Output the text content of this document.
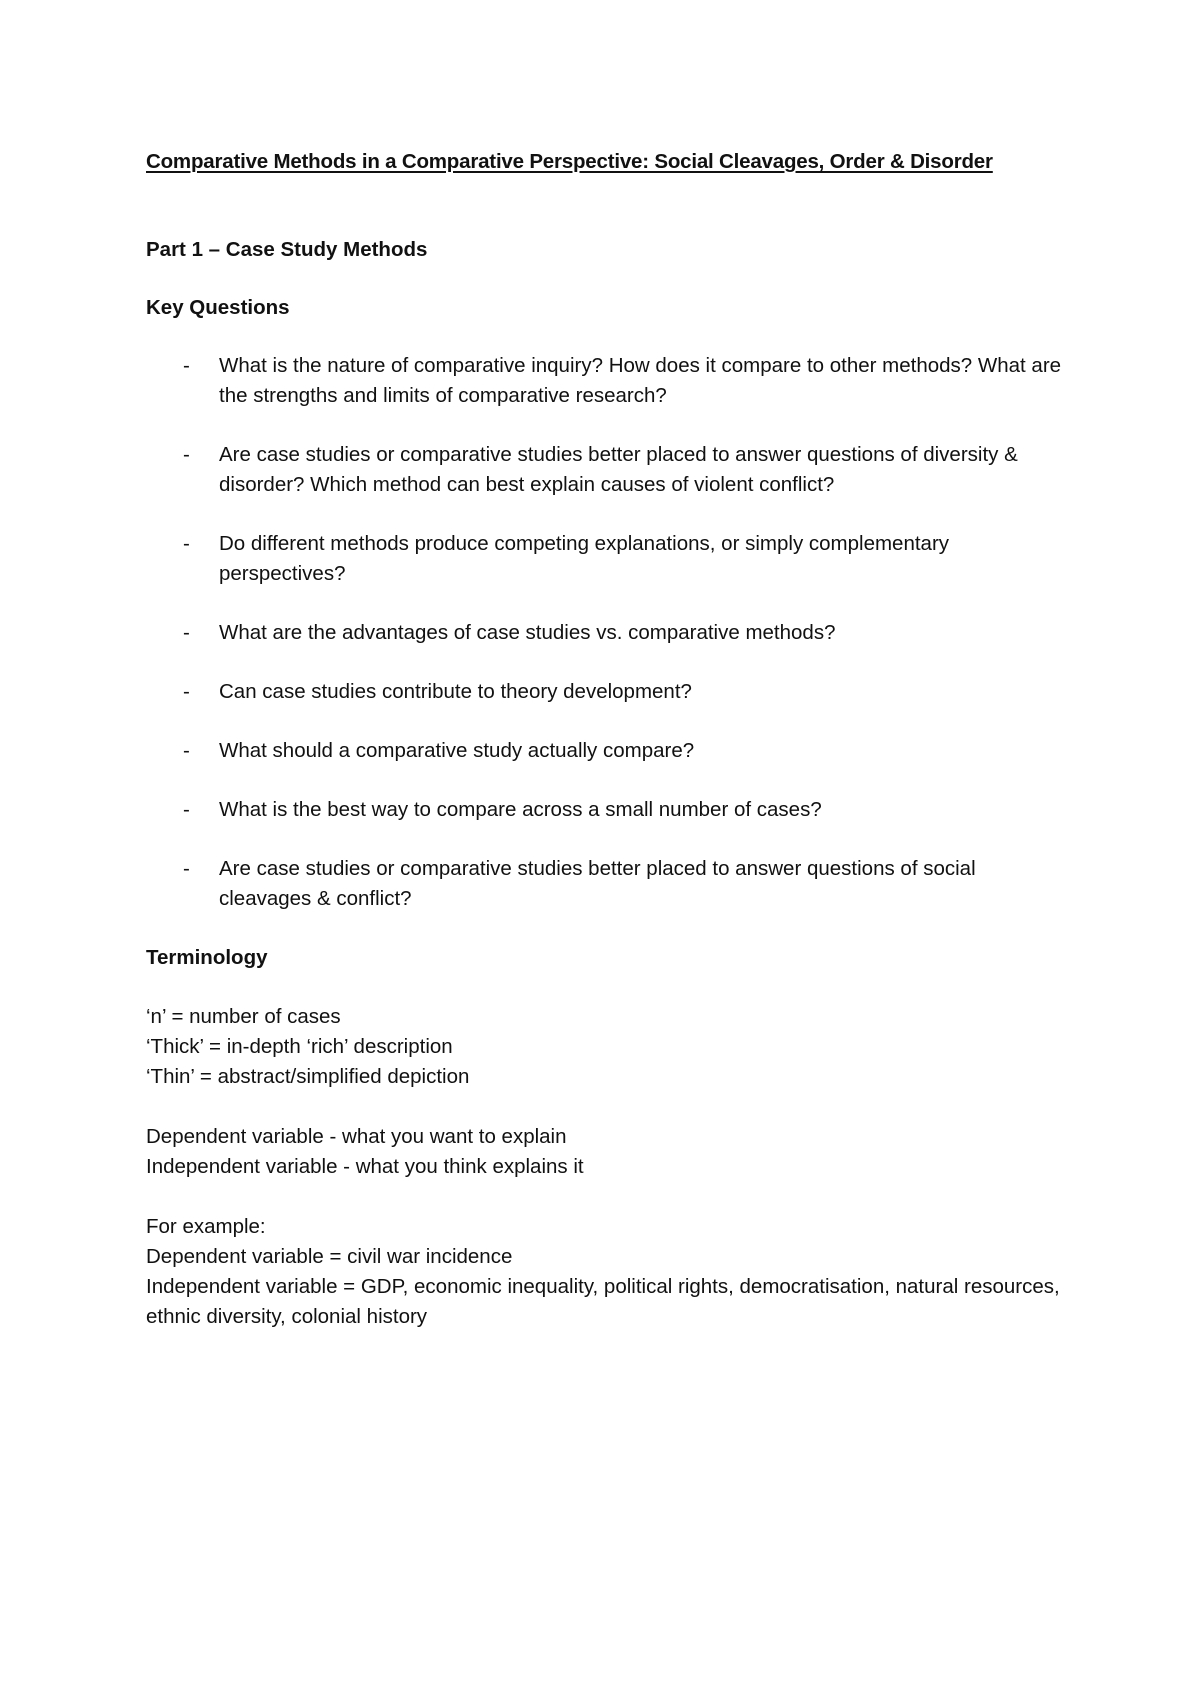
Comparative Methods in a Comparative Perspective: Social Cleavages, Order & Disorder

Part 1 – Case Study Methods

Key Questions

- What is the nature of comparative inquiry? How does it compare to other methods? What are the strengths and limits of comparative research?
- Are case studies or comparative studies better placed to answer questions of diversity & disorder? Which method can best explain causes of violent conflict?
- Do different methods produce competing explanations, or simply complementary perspectives?
- What are the advantages of case studies vs. comparative methods?
- Can case studies contribute to theory development?
- What should a comparative study actually compare?
- What is the best way to compare across a small number of cases?
- Are case studies or comparative studies better placed to answer questions of social cleavages & conflict?

Terminology

‘n’ = number of cases
‘Thick’ = in-depth ‘rich’ description
‘Thin’ = abstract/simplified depiction
Dependent variable - what you want to explain
Independent variable - what you think explains it
For example:
Dependent variable = civil war incidence
Independent variable = GDP, economic inequality, political rights, democratisation, natural resources, ethnic diversity, colonial history
